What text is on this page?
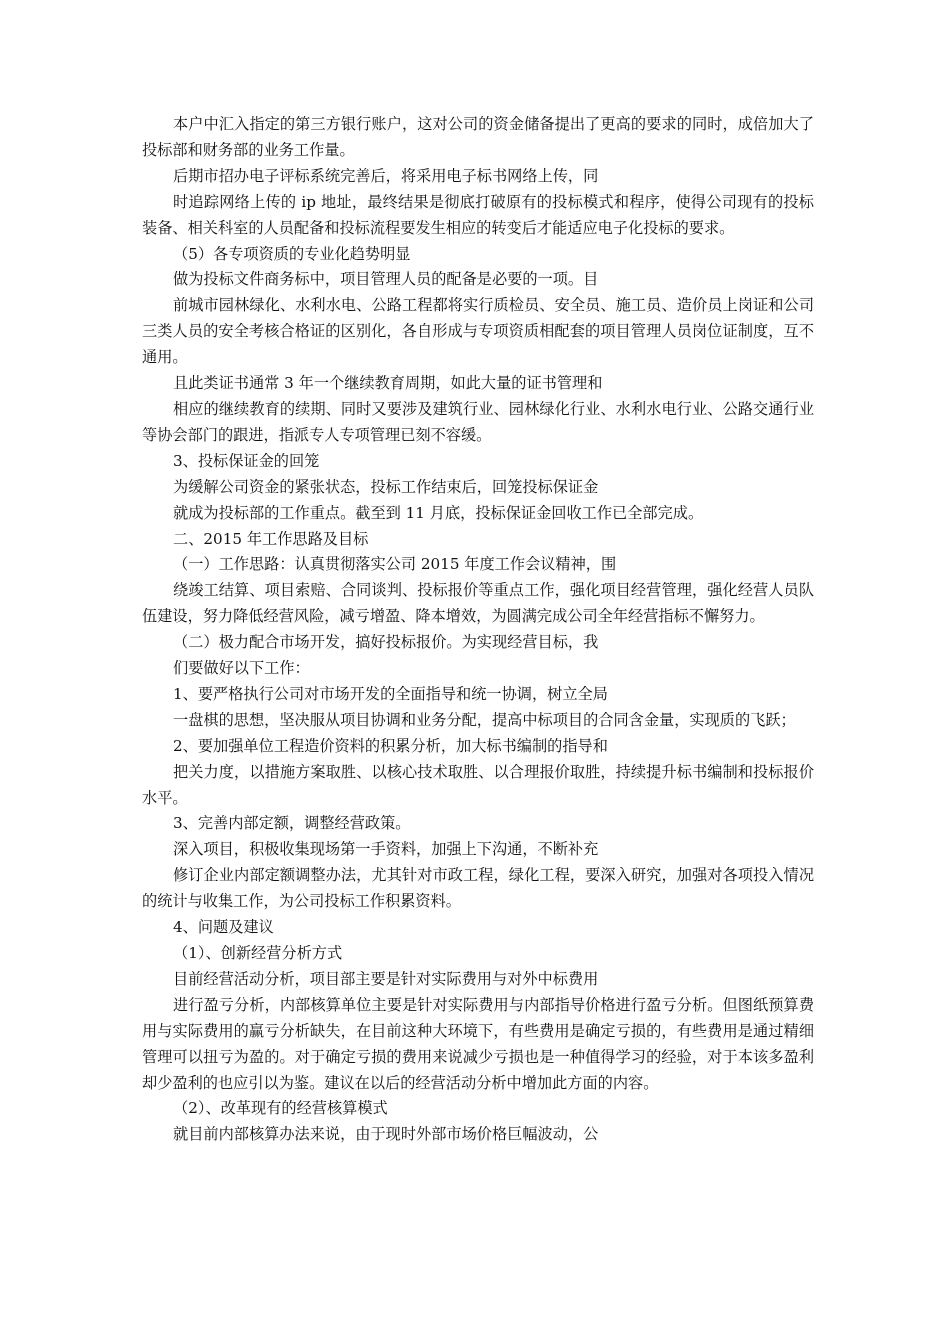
本户中汇入指定的第三方银行账户，这对公司的资金储备提出了更高的要求的同时，成倍加大了投标部和财务部的业务工作量。

后期市招办电子评标系统完善后，将采用电子标书网络上传，同

时追踪网络上传的 ip 地址，最终结果是彻底打破原有的投标模式和程序，使得公司现有的投标装备、相关科室的人员配备和投标流程要发生相应的转变后才能适应电子化投标的要求。

（5）各专项资质的专业化趋势明显

做为投标文件商务标中，项目管理人员的配备是必要的一项。目

前城市园林绿化、水利水电、公路工程都将实行质检员、安全员、施工员、造价员上岗证和公司三类人员的安全考核合格证的区别化，各自形成与专项资质相配套的项目管理人员岗位证制度，互不通用。

且此类证书通常 3 年一个继续教育周期，如此大量的证书管理和

相应的继续教育的续期、同时又要涉及建筑行业、园林绿化行业、水利水电行业、公路交通行业等协会部门的跟进，指派专人专项管理已刻不容缓。

3、投标保证金的回笼

为缓解公司资金的紧张状态，投标工作结束后，回笼投标保证金

就成为投标部的工作重点。截至到 11 月底，投标保证金回收工作已全部完成。

二、2015 年工作思路及目标

（一）工作思路：认真贯彻落实公司 2015 年度工作会议精神，围

绕竣工结算、项目索赔、合同谈判、投标报价等重点工作，强化项目经营管理，强化经营人员队伍建设，努力降低经营风险，减亏增盈、降本增效，为圆满完成公司全年经营指标不懈努力。

（二）极力配合市场开发，搞好投标报价。为实现经营目标，我

们要做好以下工作：

1、要严格执行公司对市场开发的全面指导和统一协调，树立全局

一盘棋的思想，坚决服从项目协调和业务分配，提高中标项目的合同含金量，实现质的飞跃；

2、要加强单位工程造价资料的积累分析，加大标书编制的指导和

把关力度，以措施方案取胜、以核心技术取胜、以合理报价取胜，持续提升标书编制和投标报价水平。

3、完善内部定额，调整经营政策。

深入项目，积极收集现场第一手资料，加强上下沟通，不断补充

修订企业内部定额调整办法，尤其针对市政工程，绿化工程，要深入研究，加强对各项投入情况的统计与收集工作，为公司投标工作积累资料。

4、问题及建议

（1）、创新经营分析方式

目前经营活动分析，项目部主要是针对实际费用与对外中标费用

进行盈亏分析，内部核算单位主要是针对实际费用与内部指导价格进行盈亏分析。但图纸预算费用与实际费用的赢亏分析缺失，在目前这种大环境下，有些费用是确定亏损的，有些费用是通过精细管理可以扭亏为盈的。对于确定亏损的费用来说减少亏损也是一种值得学习的经验，对于本该多盈利却少盈利的也应引以为鉴。建议在以后的经营活动分析中增加此方面的内容。

（2）、改革现有的经营核算模式

就目前内部核算办法来说，由于现时外部市场价格巨幅波动，公
